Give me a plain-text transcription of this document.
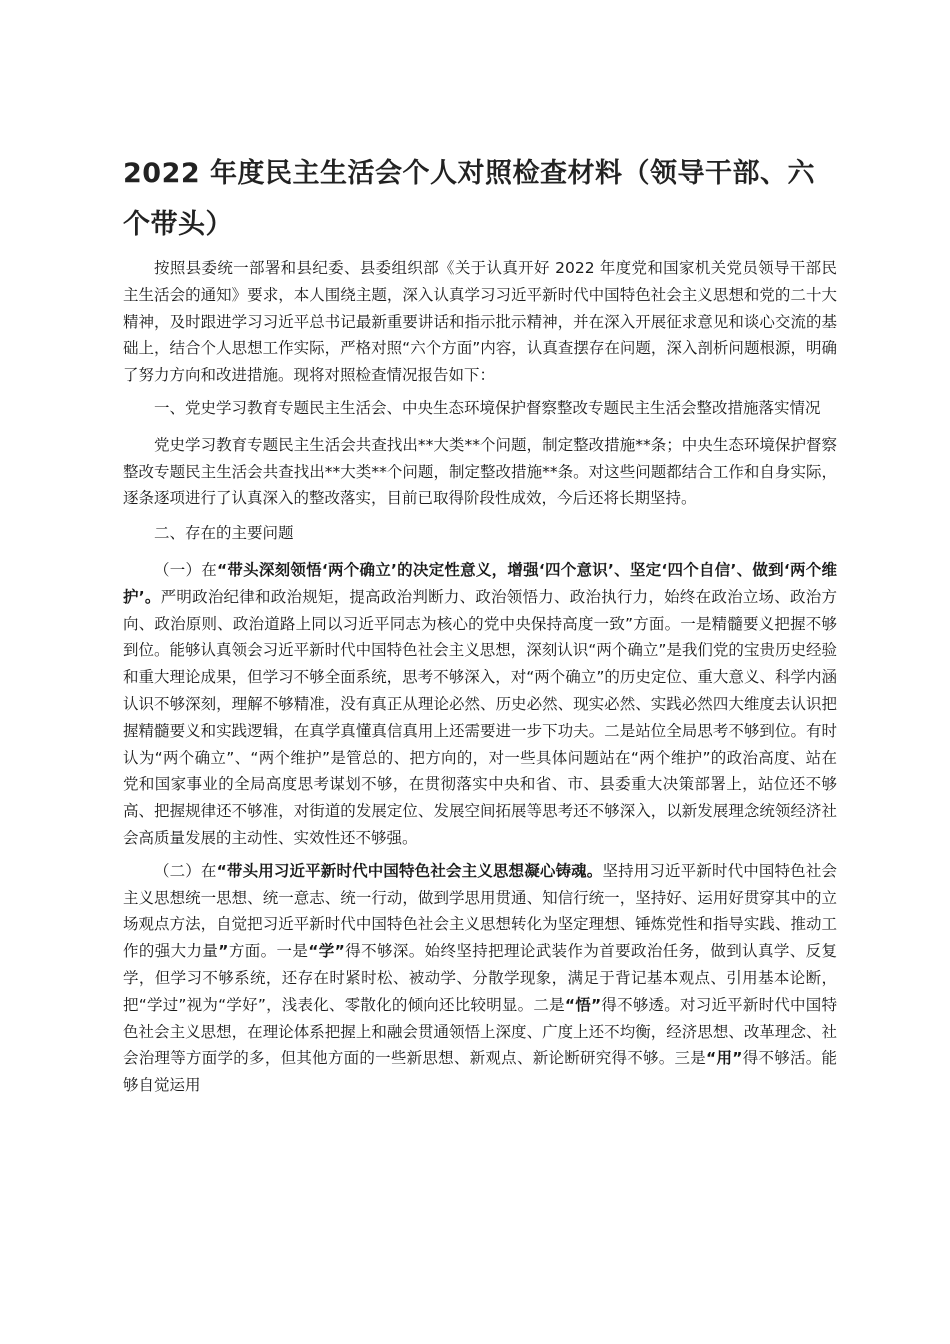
2022 年度民主生活会个人对照检查材料（领导干部、六个带头）

按照县委统一部署和县纪委、县委组织部《关于认真开好 2022 年度党和国家机关党员领导干部民主生活会的通知》要求，本人围绕主题，深入认真学习习近平新时代中国特色社会主义思想和党的二十大精神，及时跟进学习习近平总书记最新重要讲话和指示批示精神，并在深入开展征求意见和谈心交流的基础上，结合个人思想工作实际，严格对照“六个方面”内容，认真查摆存在问题，深入剖析问题根源，明确了努力方向和改进措施。现将对照检查情况报告如下：

一、党史学习教育专题民主生活会、中央生态环境保护督察整改专题民主生活会整改措施落实情况

党史学习教育专题民主生活会共查找出**大类**个问题，制定整改措施**条；中央生态环境保护督察整改专题民主生活会共查找出**大类**个问题，制定整改措施**条。对这些问题都结合工作和自身实际，逐条逐项进行了认真深入的整改落实，目前已取得阶段性成效，今后还将长期坚持。

二、存在的主要问题

（一）在“带头深刻领悟‘两个确立’的决定性意义，增强‘四个意识’、坚定‘四个自信’、做到‘两个维护’。严明政治纪律和政治规矩，提高政治判断力、政治领悟力、政治执行力，始终在政治立场、政治方向、政治原则、政治道路上同以习近平同志为核心的党中央保持高度一致”方面。一是精髓要义把握不够到位。能够认真领会习近平新时代中国特色社会主义思想，深刻认识“两个确立”是我们党的宝贵历史经验和重大理论成果，但学习不够全面系统，思考不够深入，对“两个确立”的历史定位、重大意义、科学内涵认识不够深刻，理解不够精准，没有真正从理论必然、历史必然、现实必然、实践必然四大维度去认识把握精髓要义和实践逻辑，在真学真懂真信真用上还需要进一步下功夫。二是站位全局思考不够到位。有时认为“两个确立”、“两个维护”是管总的、把方向的，对一些具体问题站在“两个维护”的政治高度、站在党和国家事业的全局高度思考谋划不够，在贯彻落实中央和省、市、县委重大决策部署上，站位还不够高、把握规律还不够准，对街道的发展定位、发展空间拓展等思考还不够深入，以新发展理念统领经济社会高质量发展的主动性、实效性还不够强。

（二）在“带头用习近平新时代中国特色社会主义思想凝心铸魂。坚持用习近平新时代中国特色社会主义思想统一思想、统一意志、统一行动，做到学思用贯通、知信行统一，坚持好、运用好贯穿其中的立场观点方法，自觉把习近平新时代中国特色社会主义思想转化为坚定理想、锤炼党性和指导实践、推动工作的强大力量”方面。一是“学”得不够深。始终坚持把理论武装作为首要政治任务，做到认真学、反复学，但学习不够系统，还存在时紧时松、被动学、分散学现象，满足于背记基本观点、引用基本论断，把“学过”视为“学好”，浅表化、零散化的倾向还比较明显。二是“悟”得不够透。对习近平新时代中国特色社会主义思想，在理论体系把握上和融会贯通领悟上深度、广度上还不均衡，经济思想、改革理念、社会治理等方面学的多，但其他方面的一些新思想、新观点、新论断研究得不够。三是“用”得不够活。能够自觉运用
